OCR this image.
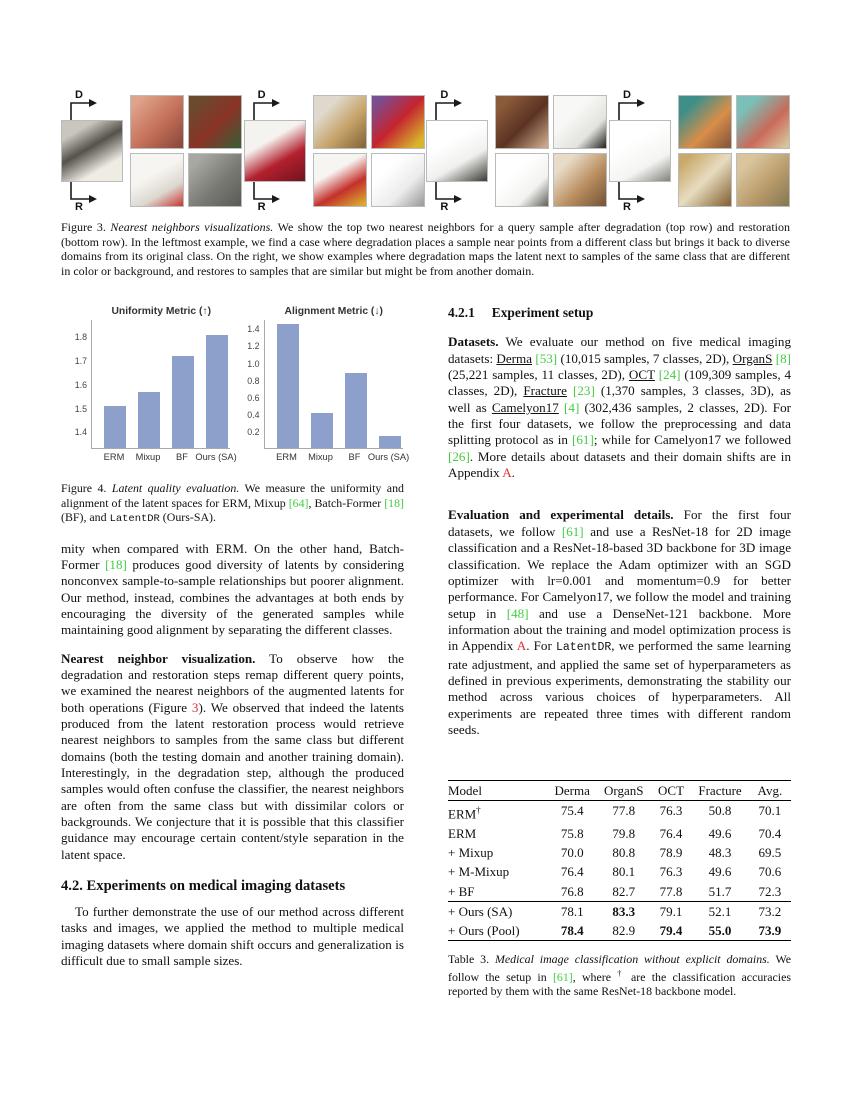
D
R
D
R
D
R
D
R
Figure 3. Nearest neighbors visualizations. We show the top two nearest neighbors for a query sample after degradation (top row) and restoration (bottom row). In the leftmost example, we find a case where degradation places a sample near points from a different class but brings it back to diverse domains from its original class. On the right, we show examples where degradation maps the latent next to samples of the same class that are different in color or background, and restores to samples that are similar but might be from another domain.
Uniformity Metric (↑)
1.4
1.5
1.6
1.7
1.8
ERM Mixup BF Ours (SA)
Alignment Metric (↓)
0.2
0.4
0.6
0.8
1.0
1.2
1.4
ERM Mixup BF Ours (SA)
Figure 4. Latent quality evaluation. We measure the uniformity and alignment of the latent spaces for ERM, Mixup [64], Batch-Former [18] (BF), and LatentDR (Ours-SA).
mity when compared with ERM. On the other hand, Batch-Former [18] produces good diversity of latents by considering nonconvex sample-to-sample relationships but poorer alignment. Our method, instead, combines the advantages at both ends by encouraging the diversity of the generated samples while maintaining good alignment by separating the different classes.
Nearest neighbor visualization. To observe how the degradation and restoration steps remap different query points, we examined the nearest neighbors of the augmented latents for both operations (Figure 3). We observed that indeed the latents produced from the latent restoration process would retrieve nearest neighbors to samples from the same class but different domains (both the testing domain and another training domain). Interestingly, in the degradation step, although the produced samples would often confuse the classifier, the nearest neighbors are often from the same class but with dissimilar colors or backgrounds. We conjecture that it is possible that this classifier guidance may encourage certain content/style separation in the latent space.
4.2. Experiments on medical imaging datasets
To further demonstrate the use of our method across different tasks and images, we applied the method to multiple medical imaging datasets where domain shift occurs and generalization is difficult due to small sample sizes.
4.2.1 Experiment setup
Datasets. We evaluate our method on five medical imaging datasets: Derma [53] (10,015 samples, 7 classes, 2D), OrganS [8] (25,221 samples, 11 classes, 2D), OCT [24] (109,309 samples, 4 classes, 2D), Fracture [23] (1,370 samples, 3 classes, 3D), as well as Camelyon17 [4] (302,436 samples, 2 classes, 2D). For the first four datasets, we follow the preprocessing and data splitting protocol as in [61]; while for Camelyon17 we followed [26]. More details about datasets and their domain shifts are in Appendix A.
Evaluation and experimental details. For the first four datasets, we follow [61] and use a ResNet-18 for 2D image classification and a ResNet-18-based 3D backbone for 3D image classification. We replace the Adam optimizer with an SGD optimizer with lr=0.001 and momentum=0.9 for better performance. For Camelyon17, we follow the model and training setup in [48] and use a DenseNet-121 backbone. More information about the training and model optimization process is in Appendix A. For LatentDR, we performed the same learning rate adjustment, and applied the same set of hyperparameters as defined in previous experiments, demonstrating the stability our method across various choices of hyperparameters. All experiments are repeated three times with different random seeds.
Model	Derma	OrganS	OCT	Fracture	Avg.
ERM†	75.4	77.8	76.3	50.8	70.1
ERM	75.8	79.8	76.4	49.6	70.4
+ Mixup	70.0	80.8	78.9	48.3	69.5
+ M-Mixup	76.4	80.1	76.3	49.6	70.6
+ BF	76.8	82.7	77.8	51.7	72.3
+ Ours (SA)	78.1	83.3	79.1	52.1	73.2
+ Ours (Pool)	78.4	82.9	79.4	55.0	73.9
Table 3. Medical image classification without explicit domains. We follow the setup in [61], where † are the classification accuracies reported by them with the same ResNet-18 backbone model.
